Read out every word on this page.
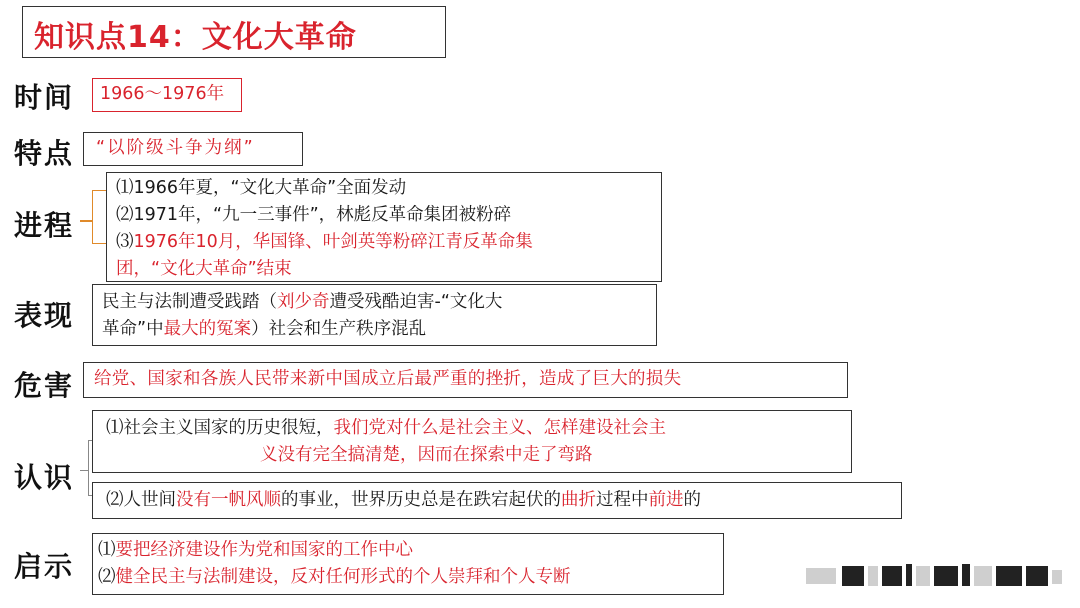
知识点14：文化大革命
时间 1966～1976年
特点 “以阶级斗争为纲”
进程
⑴1966年夏，“文化大革命”全面发动
⑵1971年，“九一三事件”，林彪反革命集团被粉碎
⑶1976年10月，华国锋、叶剑英等粉碎江青反革命集
团，“文化大革命”结束
表现 民主与法制遭受践踏（刘少奇遭受残酷迫害-“文化大
革命”中最大的冤案）社会和生产秩序混乱
危害 给党、国家和各族人民带来新中国成立后最严重的挫折，造成了巨大的损失
认识
⑴社会主义国家的历史很短，我们党对什么是社会主义、怎样建设社会主
义没有完全搞清楚，因而在探索中走了弯路
⑵人世间没有一帆风顺的事业，世界历史总是在跌宕起伏的曲折过程中前进的
启示 ⑴要把经济建设作为党和国家的工作中心
⑵健全民主与法制建设，反对任何形式的个人崇拜和个人专断
